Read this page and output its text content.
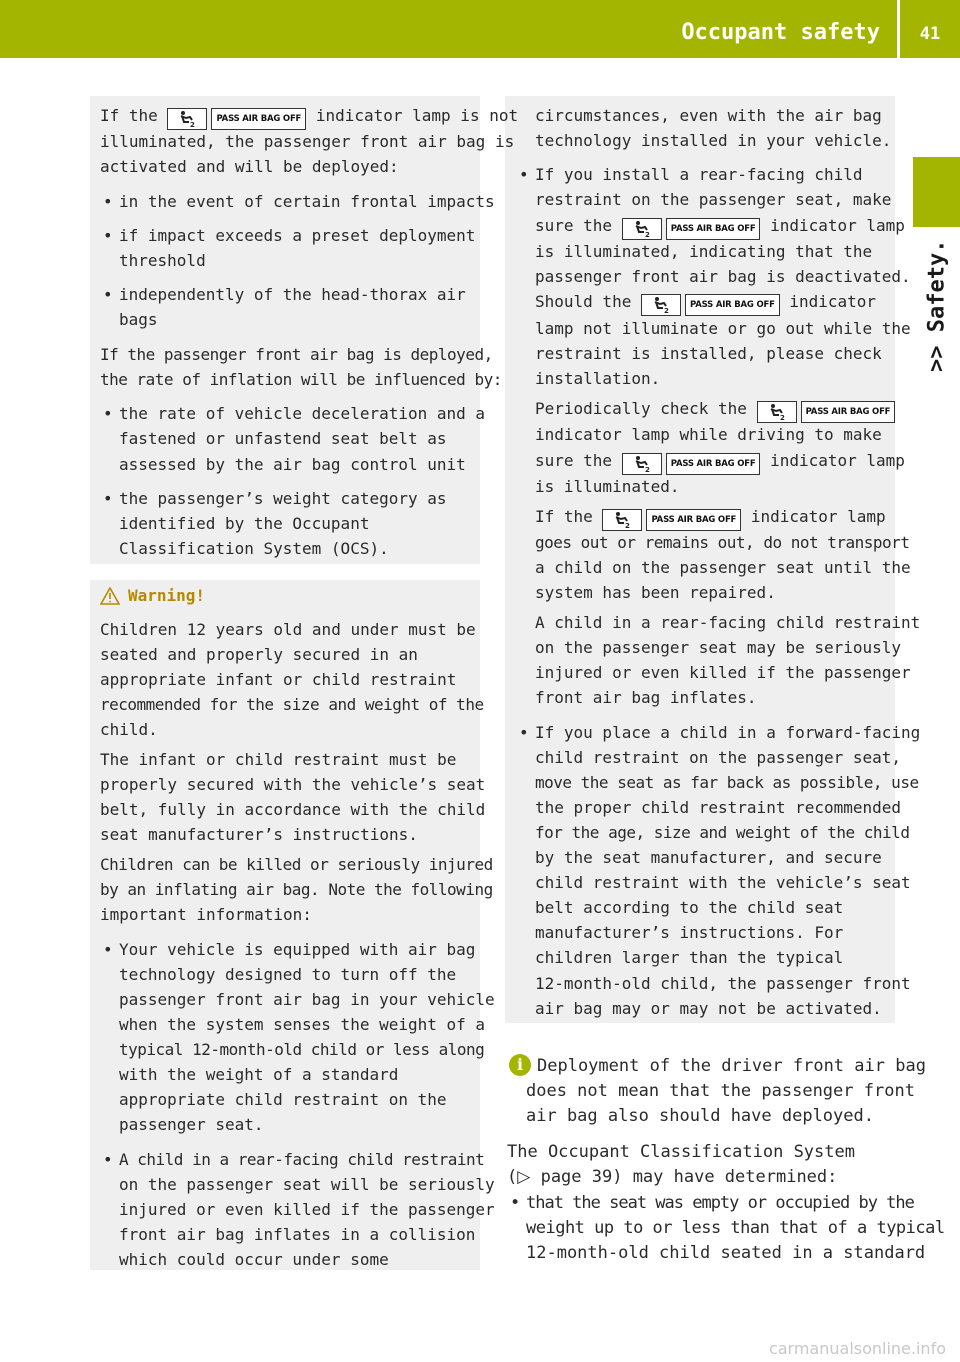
Occupant safety	41
>> Safety.
If the	2
PASS AIR BAG OFF indicator lamp is not
illuminated, the passenger front air bag is
activated and will be deployed:
• in the event of certain frontal impacts
• if impact exceeds a preset deployment
threshold
• independently of the head-thorax air
bags
If the passenger front air bag is deployed,
the rate of inflation will be influenced by:
• the rate of vehicle deceleration and a
fastened or unfastend seat belt as
assessed by the air bag control unit
• the passenger’s weight category as
identified by the Occupant
Classification System (OCS).
Warning!
Children 12 years old and under must be
seated and properly secured in an
appropriate infant or child restraint
recommended for the size and weight of the
child.
The infant or child restraint must be
properly secured with the vehicle’s seat
belt, fully in accordance with the child
seat manufacturer’s instructions.
Children can be killed or seriously injured
by an inflating air bag. Note the following
important information:
• Your vehicle is equipped with air bag
technology designed to turn off the
passenger front air bag in your vehicle
when the system senses the weight of a
typical 12-month-old child or less along
with the weight of a standard
appropriate child restraint on the
passenger seat.
• A child in a rear-facing child restraint
on the passenger seat will be seriously
injured or even killed if the passenger
front air bag inflates in a collision
which could occur under some
circumstances, even with the air bag
technology installed in your vehicle.
• If you install a rear-facing child
restraint on the passenger seat, make
sure the	2
PASS AIR BAG OFF indicator lamp
is illuminated, indicating that the
passenger front air bag is deactivated.
Should the	2
PASS AIR BAG OFF indicator
lamp not illuminate or go out while the
restraint is installed, please check
installation.
Periodically check the	2
PASS AIR BAG OFF
indicator lamp while driving to make
sure the	2
PASS AIR BAG OFF indicator lamp
is illuminated.
If the	2
PASS AIR BAG OFF indicator lamp
goes out or remains out, do not transport
a child on the passenger seat until the
system has been repaired.
A child in a rear-facing child restraint
on the passenger seat may be seriously
injured or even killed if the passenger
front air bag inflates.
• If you place a child in a forward-facing
child restraint on the passenger seat,
move the seat as far back as possible, use
the proper child restraint recommended
for the age, size and weight of the child
by the seat manufacturer, and secure
child restraint with the vehicle’s seat
belt according to the child seat
manufacturer’s instructions. For
children larger than the typical
12-month-old child, the passenger front
air bag may or may not be activated.
i Deployment of the driver front air bag
does not mean that the passenger front
air bag also should have deployed.
The Occupant Classification System
(▷ page 39) may have determined:
• that the seat was empty or occupied by the
weight up to or less than that of a typical
12-month-old child seated in a standard
carmanualsonline.info
